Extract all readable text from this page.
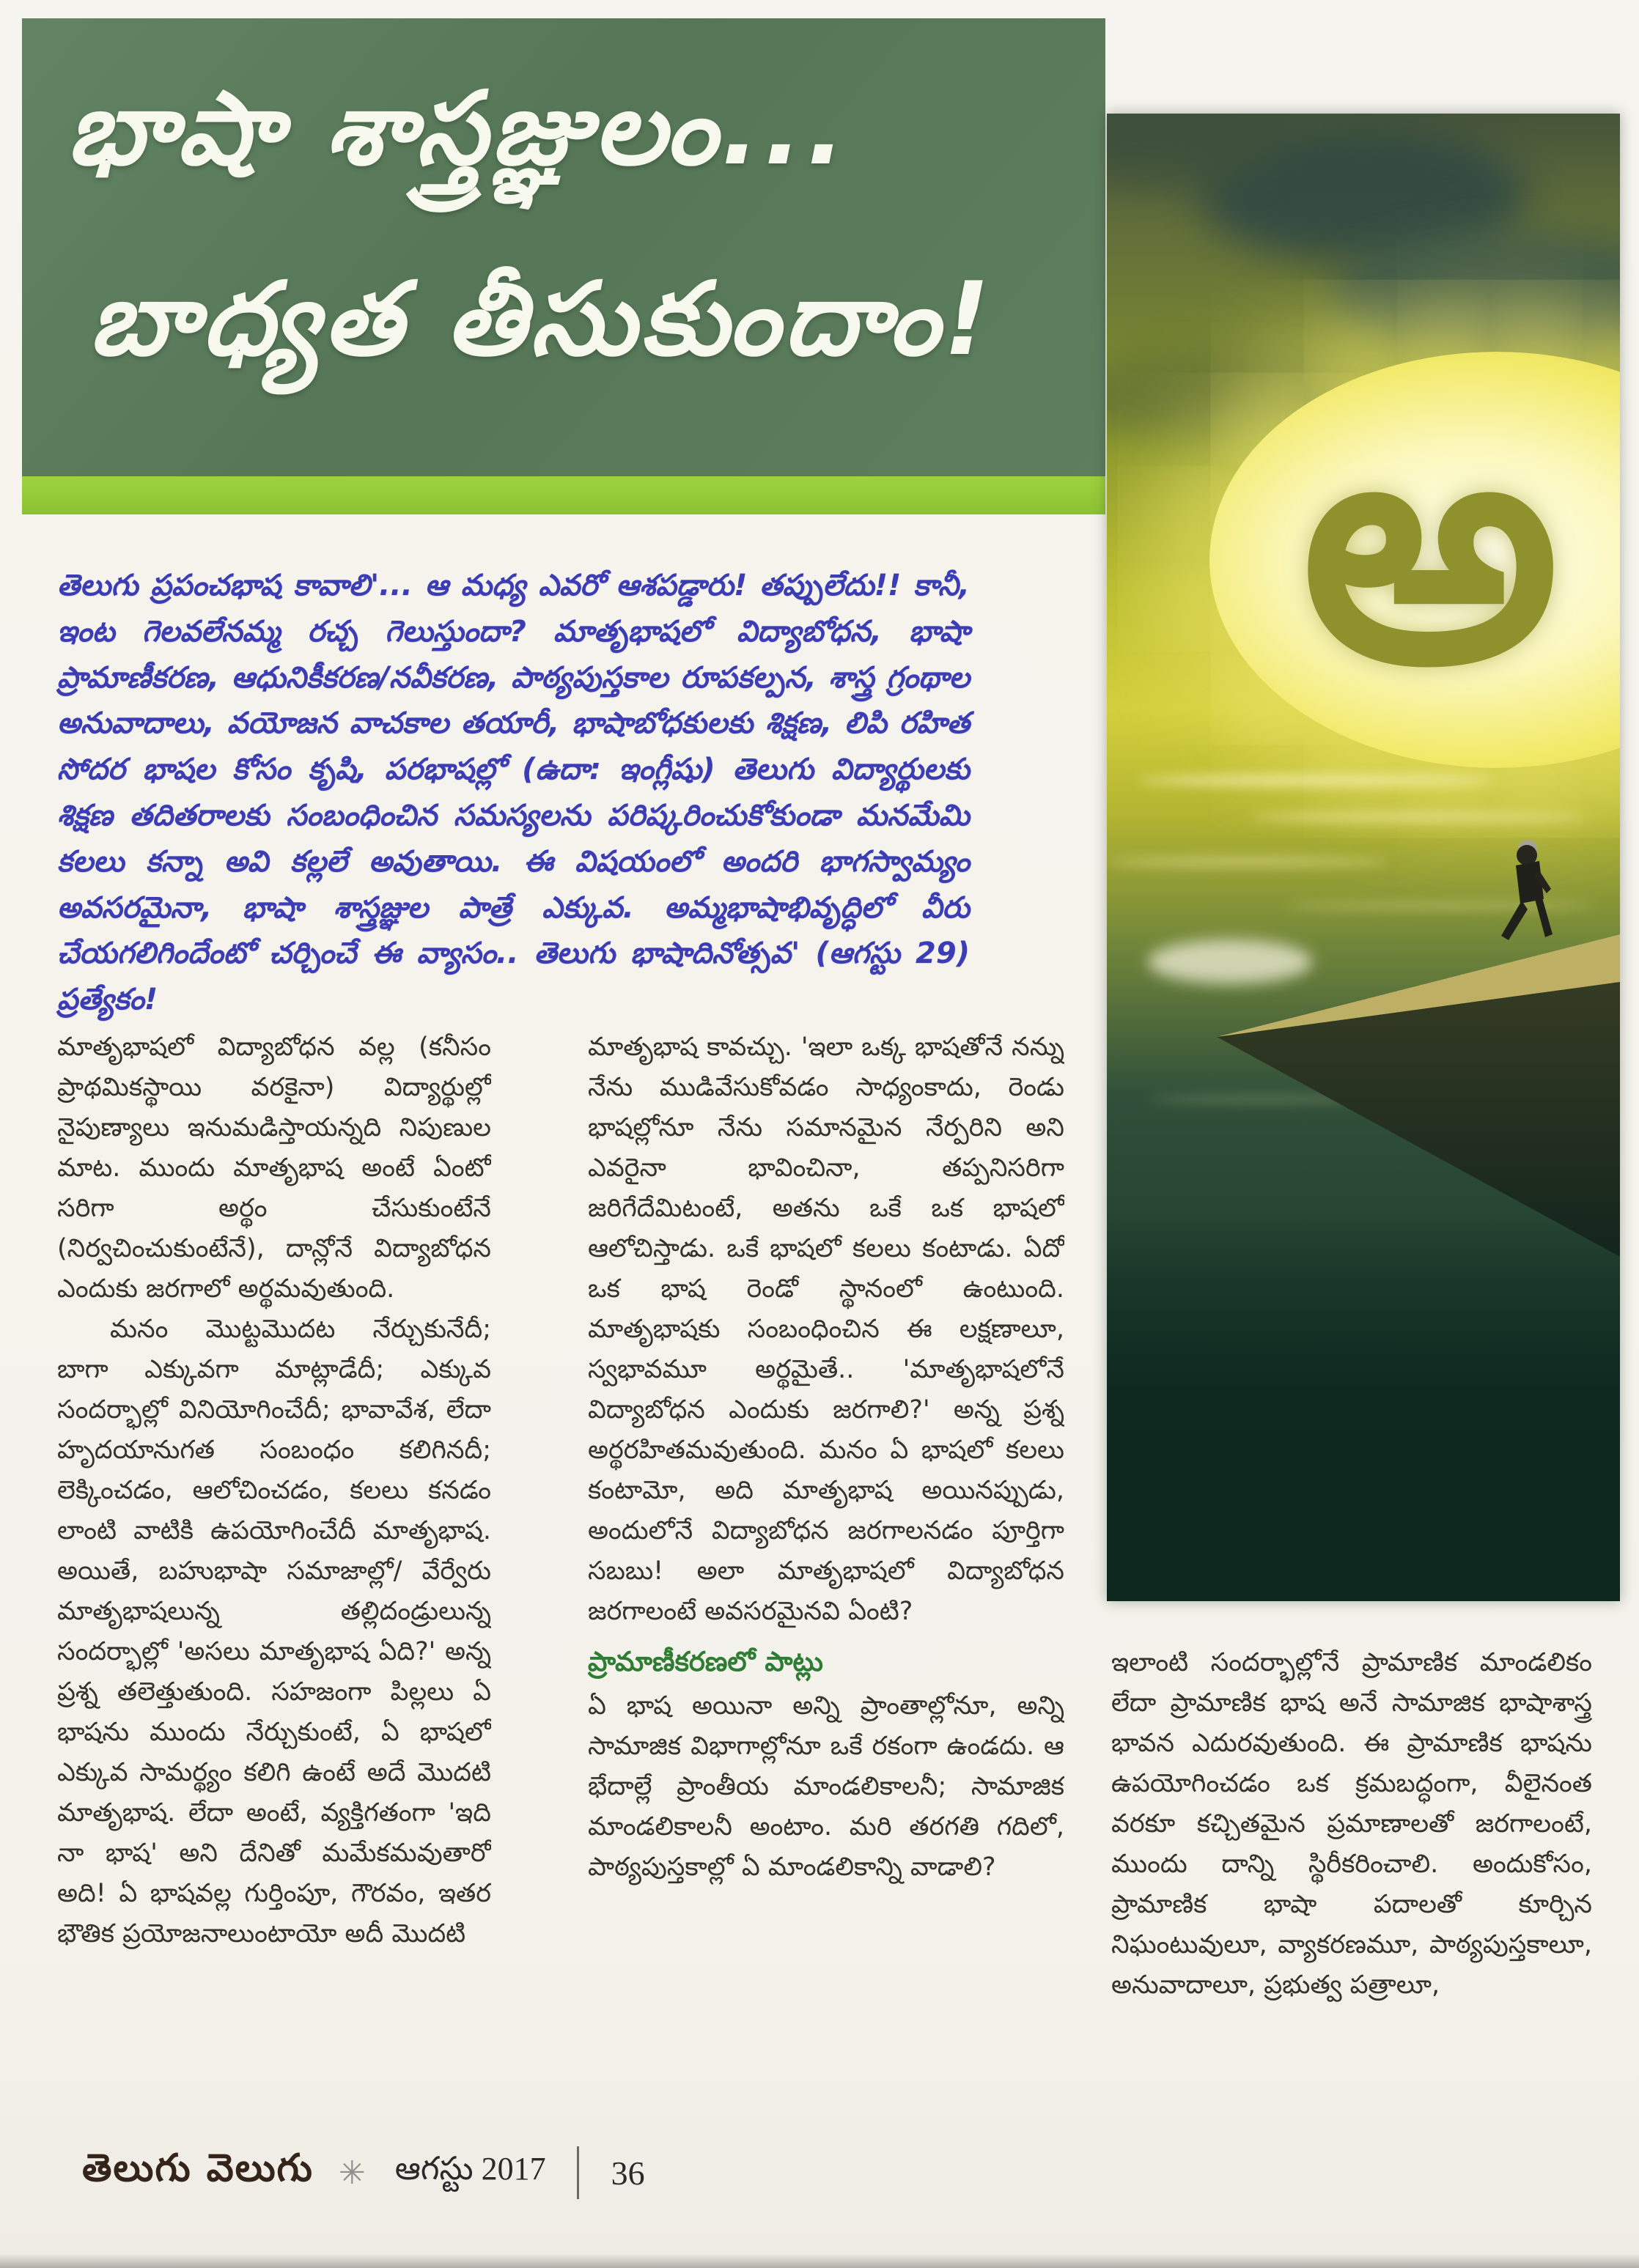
భాషా శాస్త్రజ్ఞులం...
బాధ్యత తీసుకుందాం!
అ
తెలుగు ప్రపంచభాష కావాలి'... ఆ మధ్య ఎవరో ఆశపడ్డారు! తప్పులేదు!! కానీ, ఇంట గెలవలేనమ్మ రచ్చ గెలుస్తుందా? మాతృభాషలో విద్యాబోధన, భాషా ప్రామాణీకరణ, ఆధునికీకరణ/నవీకరణ, పాఠ్యపుస్తకాల రూపకల్పన, శాస్త్ర గ్రంథాల అనువాదాలు, వయోజన వాచకాల తయారీ, భాషాబోధకులకు శిక్షణ, లిపి రహిత సోదర భాషల కోసం కృషి, పరభాషల్లో (ఉదా: ఇంగ్లీషు) తెలుగు విద్యార్థులకు శిక్షణ తదితరాలకు సంబంధించిన సమస్యలను పరిష్కరించుకోకుండా మనమేమి కలలు కన్నా అవి కల్లలే అవుతాయి. ఈ విషయంలో అందరి భాగస్వామ్యం అవసరమైనా, భాషా శాస్త్రజ్ఞుల పాత్రే ఎక్కువ. అమ్మభాషాభివృద్ధిలో వీరు చేయగలిగిందేంటో చర్చించే ఈ వ్యాసం.. తెలుగు భాషాదినోత్సవ' (ఆగస్టు 29) ప్రత్యేకం!

మాతృభాషలో విద్యాబోధన వల్ల (కనీసం ప్రాథమికస్థాయి వరకైనా) విద్యార్థుల్లో నైపుణ్యాలు ఇనుమడిస్తాయన్నది నిపుణుల మాట. ముందు మాతృభాష అంటే ఏంటో సరిగా అర్థం చేసుకుంటేనే (నిర్వచించుకుంటేనే), దాన్లోనే విద్యాబోధన ఎందుకు జరగాలో అర్థమవుతుంది.

మనం మొట్టమొదట నేర్చుకునేదీ; బాగా ఎక్కువగా మాట్లాడేదీ; ఎక్కువ సందర్భాల్లో వినియోగించేదీ; భావావేశ, లేదా హృదయానుగత సంబంధం కలిగినదీ; లెక్కించడం, ఆలోచించడం, కలలు కనడం లాంటి వాటికి ఉపయోగించేదీ మాతృభాష. అయితే, బహుభాషా సమాజాల్లో/ వేర్వేరు మాతృభాషలున్న తల్లిదండ్రులున్న సందర్భాల్లో 'అసలు మాతృభాష ఏది?' అన్న ప్రశ్న తలెత్తుతుంది. సహజంగా పిల్లలు ఏ భాషను ముందు నేర్చుకుంటే, ఏ భాషలో ఎక్కువ సామర్థ్యం కలిగి ఉంటే అదే మొదటి మాతృభాష. లేదా అంటే, వ్యక్తిగతంగా 'ఇది నా భాష' అని దేనితో మమేకమవుతారో అది! ఏ భాషవల్ల గుర్తింపూ, గౌరవం, ఇతర భౌతిక ప్రయోజనాలుంటాయో అదీ మొదటి

మాతృభాష కావచ్చు. 'ఇలా ఒక్క భాషతోనే నన్ను నేను ముడివేసుకోవడం సాధ్యంకాదు, రెండు భాషల్లోనూ నేను సమానమైన నేర్పరిని అని ఎవరైనా భావించినా, తప్పనిసరిగా జరిగేదేమిటంటే, అతను ఒకే ఒక భాషలో ఆలోచిస్తాడు. ఒకే భాషలో కలలు కంటాడు. ఏదో ఒక భాష రెండో స్థానంలో ఉంటుంది. మాతృభాషకు సంబంధించిన ఈ లక్షణాలూ, స్వభావమూ అర్థమైతే.. 'మాతృభాషలోనే విద్యాబోధన ఎందుకు జరగాలి?' అన్న ప్రశ్న అర్థరహితమవుతుంది. మనం ఏ భాషలో కలలు కంటామో, అది మాతృభాష అయినప్పుడు, అందులోనే విద్యాబోధన జరగాలనడం పూర్తిగా సబబు! అలా మాతృభాషలో విద్యాబోధన జరగాలంటే అవసరమైనవి ఏంటి?

ప్రామాణీకరణలో పాట్లు

ఏ భాష అయినా అన్ని ప్రాంతాల్లోనూ, అన్ని సామాజిక విభాగాల్లోనూ ఒకే రకంగా ఉండదు. ఆ భేదాల్లే ప్రాంతీయ మాండలికాలనీ; సామాజిక మాండలికాలనీ అంటాం. మరి తరగతి గదిలో, పాఠ్యపుస్తకాల్లో ఏ మాండలికాన్ని వాడాలి?

ఇలాంటి సందర్భాల్లోనే ప్రామాణిక మాండలికం లేదా ప్రామాణిక భాష అనే సామాజిక భాషాశాస్త్ర భావన ఎదురవుతుంది. ఈ ప్రామాణిక భాషను ఉపయోగించడం ఒక క్రమబద్ధంగా, వీలైనంత వరకూ కచ్చితమైన ప్రమాణాలతో జరగాలంటే, ముందు దాన్ని స్థిరీకరించాలి. అందుకోసం, ప్రామాణిక భాషా పదాలతో కూర్చిన నిఘంటువులూ, వ్యాకరణమూ, పాఠ్యపుస్తకాలూ, అనువాదాలూ, ప్రభుత్వ పత్రాలూ,

తెలుగు వెలుగు ✳ ఆగస్టు 2017 36
